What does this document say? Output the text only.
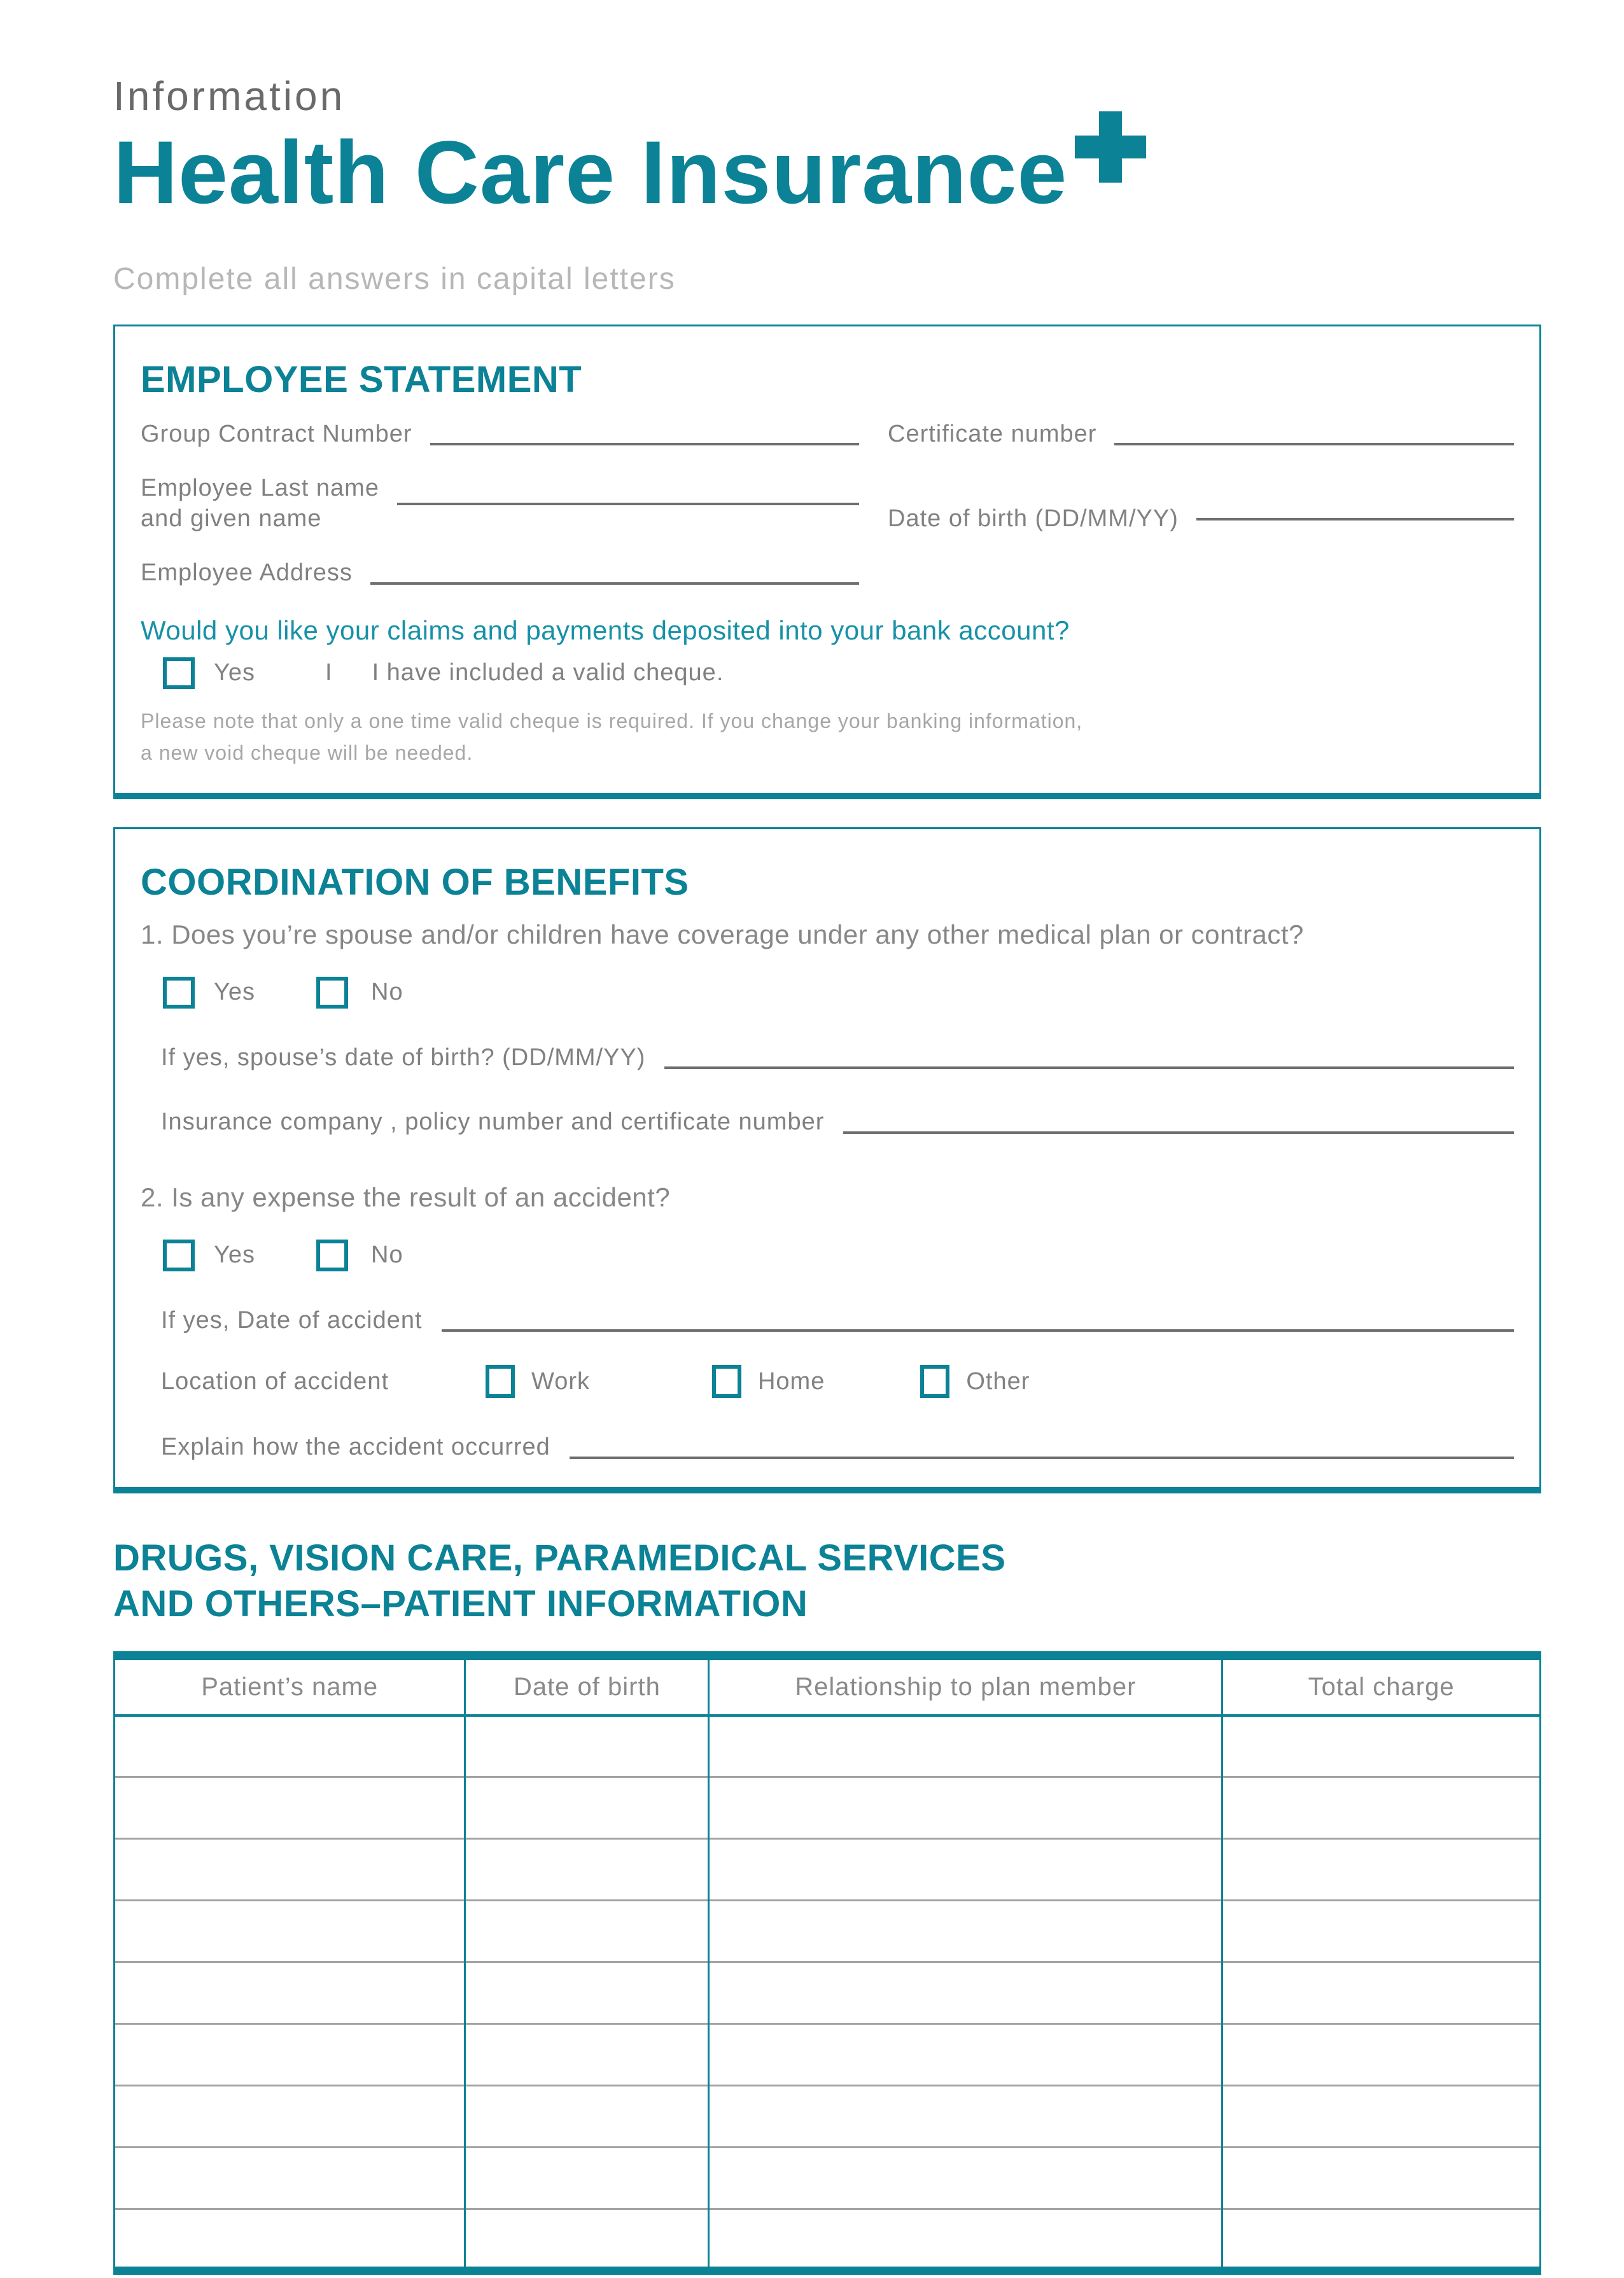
Information
Health Care Insurance
Complete all answers in capital letters
EMPLOYEE STATEMENT
Group Contract Number	Certificate number
Employee Last name
and given name	Date of birth (DD/MM/YY)
Employee Address

Would you like your claims and payments deposited into your bank account?

Yes	I I have included a valid cheque.

Please note that only a one time valid cheque is required. If you change your banking information,
a new void cheque will be needed.

COORDINATION OF BENEFITS

1. Does you’re spouse and/or children have coverage under any other medical plan or contract?

Yes	No
If yes, spouse’s date of birth? (DD/MM/YY)
Insurance company , policy number and certificate number

2. Is any expense the result of an accident?

Yes	No
If yes, Date of accident
Location of accident	Work	Home	Other
Explain how the accident occurred
DRUGS, VISION CARE, PARAMEDICAL SERVICES
AND OTHERS–PATIENT INFORMATION
Patient’s name	Date of birth	Relationship to plan member	Total charge
